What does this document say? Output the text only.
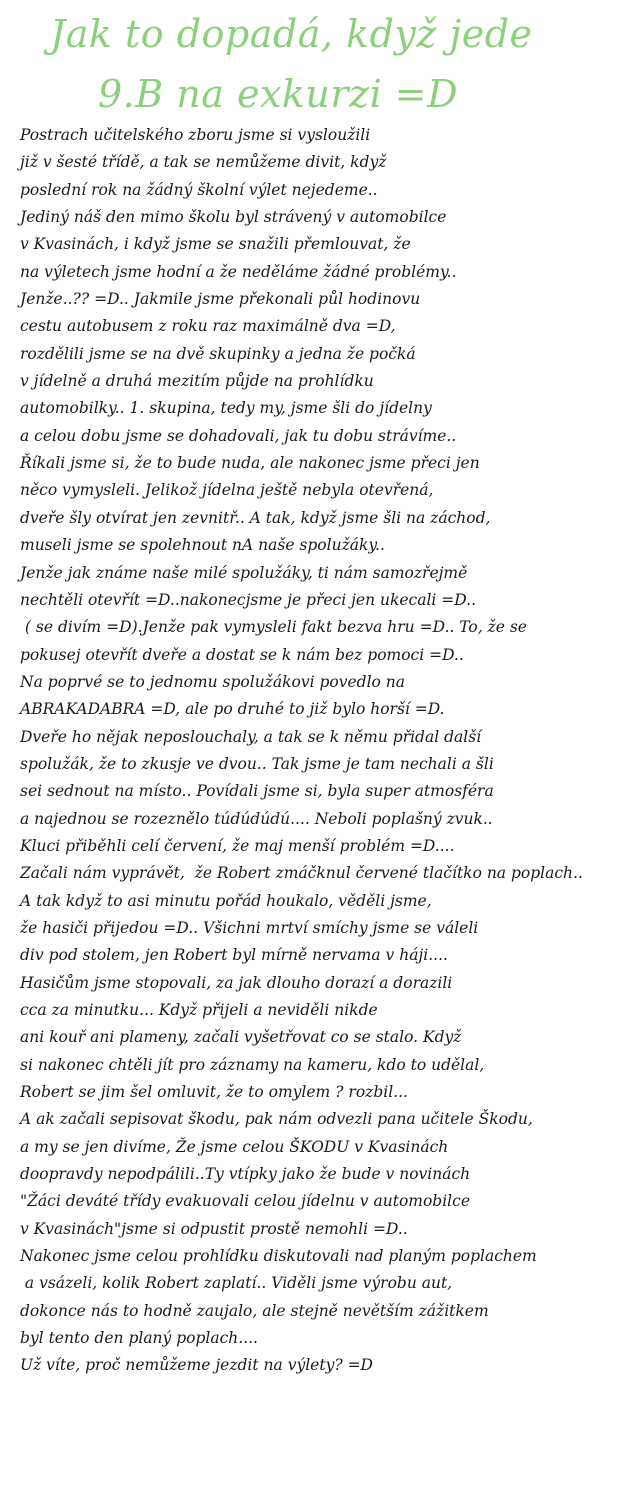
Jak to dopadá, když jede
9.B na exkurzi =D
Postrach učitelského zboru jsme si vysloužili
již v šesté třídě, a tak se nemůžeme divit, když
poslední rok na žádný školní výlet nejedeme..
Jediný náš den mimo školu byl strávený v automobilce
v Kvasinách, i když jsme se snažili přemlouvat, že
na výletech jsme hodní a že neděláme žádné problémy..
Jenže..?? =D.. Jakmile jsme překonali půl hodinovu
cestu autobusem z roku raz maximálně dva =D,
rozdělili jsme se na dvě skupinky a jedna že počká
v jídelně a druhá mezitím půjde na prohlídku
automobilky.. 1. skupina, tedy my, jsme šli do jídelny
a celou dobu jsme se dohadovali, jak tu dobu strávíme..
Říkali jsme si, že to bude nuda, ale nakonec jsme přeci jen
něco vymysleli. Jelikož jídelna ještě nebyla otevřená,
dveře šly otvírat jen zevnitř.. A tak, když jsme šli na záchod,
museli jsme se spolehnout nA naše spolužáky..
Jenže jak známe naše milé spolužáky, ti nám samozřejmě
nechtěli otevřít =D..nakonecjsme je přeci jen ukecali =D..
( se divím =D).Jenže pak vymysleli fakt bezva hru =D.. To, že se
pokusej otevřít dveře a dostat se k nám bez pomoci =D..
Na poprvé se to jednomu spolužákovi povedlo na
ABRAKADABRA =D, ale po druhé to již bylo horší =D.
Dveře ho nějak neposlouchaly, a tak se k němu přidal další
spolužák, že to zkusje ve dvou.. Tak jsme je tam nechali a šli
sei sednout na místo.. Povídali jsme si, byla super atmosféra
a najednou se rozeznělo túdúdúdú.... Neboli poplašný zvuk..
Kluci přiběhli celí červení, že maj menší problém =D....
Začali nám vyprávět,  že Robert zmáčknul červené tlačítko na poplach..
A tak když to asi minutu pořád houkalo, věděli jsme,
že hasiči přijedou =D.. Všichni mrtví smíchy jsme se váleli
div pod stolem, jen Robert byl mírně nervama v háji....
Hasičům jsme stopovali, za jak dlouho dorazí a dorazili
cca za minutku... Když přijeli a neviděli nikde
ani kouř ani plameny, začali vyšetřovat co se stalo. Když
si nakonec chtěli jít pro záznamy na kameru, kdo to udělal,
Robert se jim šel omluvit, že to omylem ? rozbil...
A ak začali sepisovat škodu, pak nám odvezli pana učitele Škodu,
a my se jen divíme, Že jsme celou ŠKODU v Kvasinách
doopravdy nepodpálili..Ty vtípky jako že bude v novinách
"Žáci deváté třídy evakuovali celou jídelnu v automobilce
v Kvasinách"jsme si odpustit prostě nemohli =D..
Nakonec jsme celou prohlídku diskutovali nad planým poplachem
a vsázeli, kolik Robert zaplatí.. Viděli jsme výrobu aut,
dokonce nás to hodně zaujalo, ale stejně nevětším zážitkem
byl tento den planý poplach....
Už víte, proč nemůžeme jezdit na výlety? =D
